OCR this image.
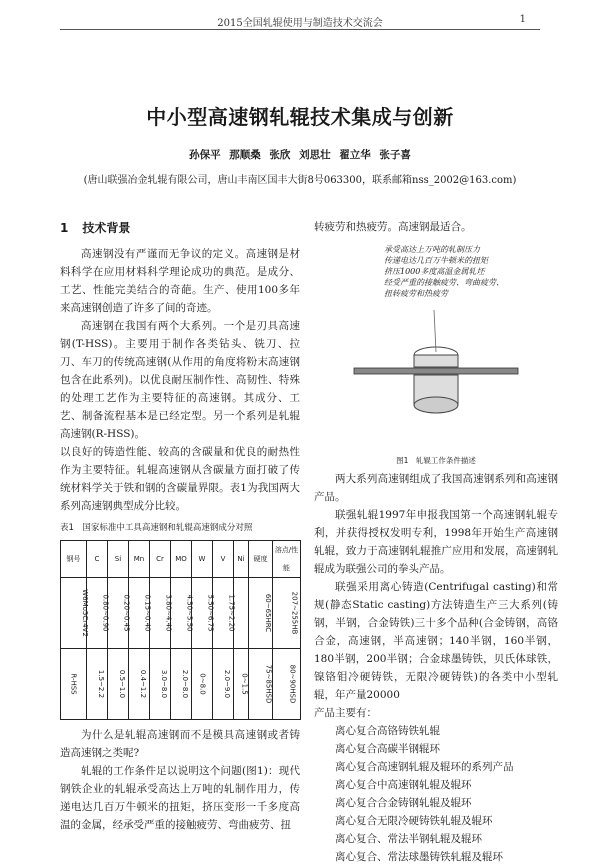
2015全国轧辊使用与制造技术交流会	1
中小型高速钢轧辊技术集成与创新
孙保平 那顺桑 张欣 刘思壮 翟立华 张子喜
(唐山联强冶金轧辊有限公司，唐山丰南区国丰大街8号063300，联系邮箱nss_2002@163.com)
1 技术背景

高速钢没有严谨而无争议的定义。高速钢是材料科学在应用材料科学理论成功的典范。是成分、工艺、性能完美结合的奇葩。生产、使用100多年来高速钢创造了许多了间的奇迹。

高速钢在我国有两个大系列。一个是刃具高速钢(T-HSS)。主要用于制作各类钻头、铣刀、拉刀、车刀的传统高速钢(从作用的角度将粉末高速钢包含在此系列)。以优良耐压制作性、高韧性、特殊的处理工艺作为主要特征的高速钢。其成分、工艺、制备流程基本是已经定型。另一个系列是轧辊高速钢(R-HSS)。

以良好的铸造性能、较高的含碳量和优良的耐热性作为主要特征。轧辊高速钢从含碳量方面打破了传统材料学关于铁和钢的含碳量界限。表1为我国两大系列高速钢典型成分比较。

表1　国家标准中工具高速钢和轧辊高速钢成分对照
钢号	C	Si	Mn	Cr	MO	W	V	Ni	硬度	溶点/性能
W6Mo5Cr4V2	0.80~0.90	0.20~0.45	0.15~0.40	3.80~4.40	4.50~5.50	5.50~6.75	1.75~2.20		60~65HRC	207~255HB
R-HSS	1.5~2.2	0.5~1.0	0.4~1.2	3.0~8.0	2.0~8.0	0~8.0	2.0~9.0	0~1.5	75~85HSD	80~90HSD

为什么是轧辊高速钢而不是模具高速钢或者铸造高速钢之类呢?

轧辊的工作条件足以说明这个问题(图1)：现代钢铁企业的轧辊承受高达上万吨的轧制作用力，传递电达几百万牛顿米的扭矩，挤压变形一千多度高温的金属，经承受严重的接触疲劳、弯曲疲劳、扭

转疲劳和热疲劳。高速钢最适合。

承受高达上万吨的轧制压力
传递电达几百万牛顿米的扭矩
挤压1000多度高温金属轧坯
经受严重的接触疲劳、弯曲疲劳、
扭转疲劳和热疲劳
图1　轧辊工作条件描述

两大系列高速钢组成了我国高速钢系列和高速钢产品。

联强轧辊1997年申报我国第一个高速钢轧辊专利，并获得授权发明专利，1998年开始生产高速钢轧辊，致力于高速钢轧辊推广应用和发展，高速钢轧辊成为联强公司的拳头产品。

联强采用离心铸造(Centrifugal casting)和常规(静态Static casting)方法铸造生产三大系列(铸钢，半钢，合金铸铁)三十多个品种(合金铸钢，高铬合金，高速钢，半高速钢；140半钢，160半钢，180半钢，200半钢；合金球墨铸铁，贝氏体球铁，镍铬钼冷硬铸铁，无限冷硬铸铁)的各类中小型轧辊，年产量20000

产品主要有：

离心复合高铬铸铁轧辊

离心复合高碳半钢辊环

离心复合高速钢轧辊及辊环的系列产品

离心复合中高速钢轧辊及辊环

离心复合合金铸钢轧辊及辊环

离心复合无限冷硬铸铁轧辊及辊环

离心复合、常法半钢轧辊及辊环

离心复合、常法球墨铸铁轧辊及辊环
